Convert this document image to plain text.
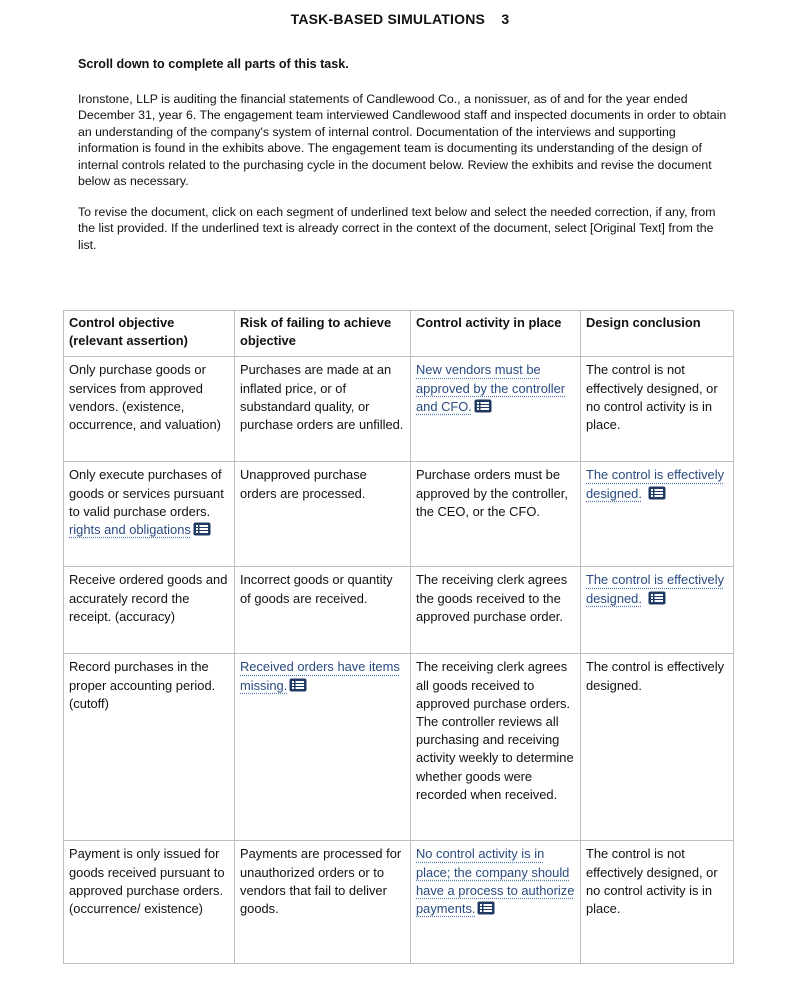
TASK-BASED SIMULATIONS    3
Scroll down to complete all parts of this task.

Ironstone, LLP is auditing the financial statements of Candlewood Co., a nonissuer, as of and for the year ended December 31, year 6. The engagement team interviewed Candlewood staff and inspected documents in order to obtain an understanding of the company's system of internal control. Documentation of the interviews and supporting information is found in the exhibits above. The engagement team is documenting its understanding of the design of internal controls related to the purchasing cycle in the document below. Review the exhibits and revise the document below as necessary.

To revise the document, click on each segment of underlined text below and select the needed correction, if any, from the list provided. If the underlined text is already correct in the context of the document, select [Original Text] from the list.

Control objective (relevant assertion)	Risk of failing to achieve objective	Control activity in place	Design conclusion
Only purchase goods or services from approved vendors. (existence, occurrence, and valuation)	Purchases are made at an inflated price, or of substandard quality, or purchase orders are unfilled.	New vendors must be approved by the controller and CFO.	The control is not effectively designed, or no control activity is in place.
Only execute purchases of goods or services pursuant to valid purchase orders. rights and obligations	Unapproved purchase orders are processed.	Purchase orders must be approved by the controller, the CEO, or the CFO.	The control is effectively designed.

Receive ordered goods and accurately record the receipt. (accuracy)	Incorrect goods or quantity of goods are received.	The receiving clerk agrees the goods received to the approved purchase order.	The control is effectively designed.

Record purchases in the proper accounting period. (cutoff)	Received orders have items missing.	The receiving clerk agrees all goods received to approved purchase orders. The controller reviews all purchasing and receiving activity weekly to determine whether goods were recorded when received.	The control is effectively designed.
Payment is only issued for goods received pursuant to approved purchase orders. (occurrence/ existence)	Payments are processed for unauthorized orders or to vendors that fail to deliver goods.	No control activity is in place; the company should have a process to authorize payments.	The control is not effectively designed, or no control activity is in place.
